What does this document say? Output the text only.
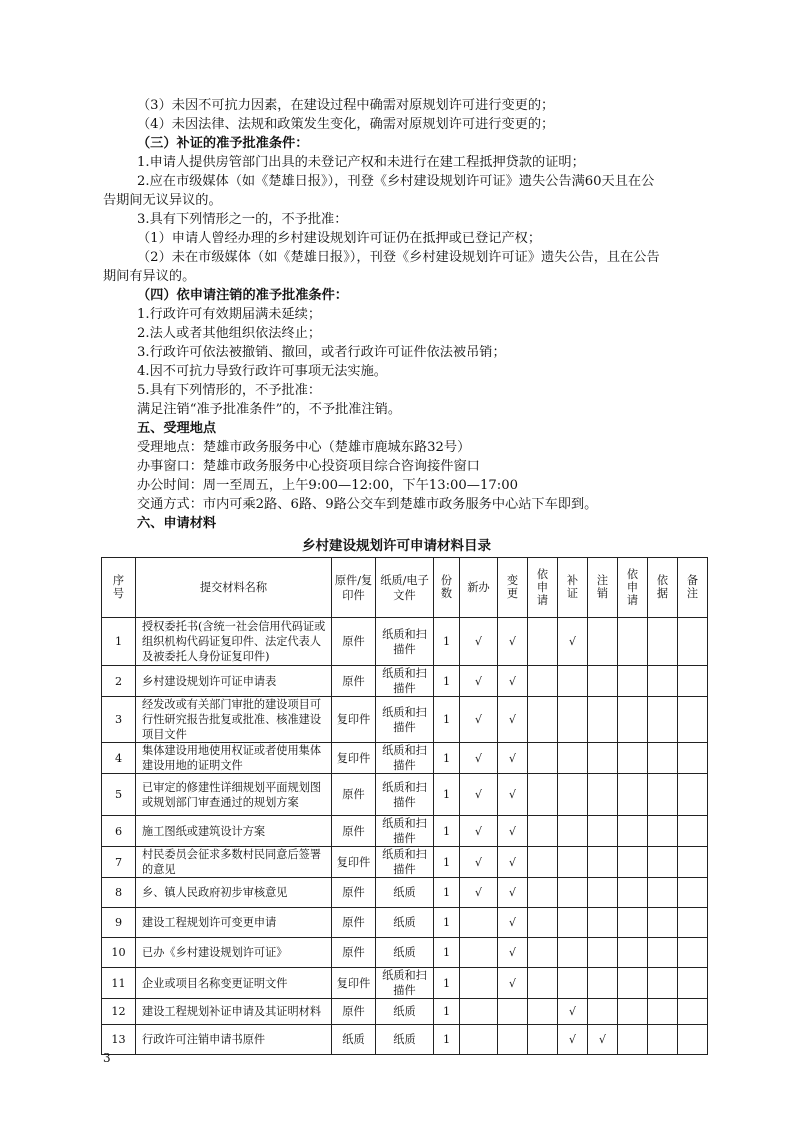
（3）未因不可抗力因素，在建设过程中确需对原规划许可进行变更的；
（4）未因法律、法规和政策发生变化，确需对原规划许可进行变更的；
（三）补证的准予批准条件：
1.申请人提供房管部门出具的未登记产权和未进行在建工程抵押贷款的证明；
2.应在市级媒体（如《楚雄日报》），刊登《乡村建设规划许可证》遗失公告满60天且在公
告期间无议异议的。
3.具有下列情形之一的，不予批准：
（1）申请人曾经办理的乡村建设规划许可证仍在抵押或已登记产权；
（2）未在市级媒体（如《楚雄日报》），刊登《乡村建设规划许可证》遗失公告，且在公告
期间有异议的。
（四）依申请注销的准予批准条件：
1.行政许可有效期届满未延续；
2.法人或者其他组织依法终止；
3.行政许可依法被撤销、撤回，或者行政许可证件依法被吊销；
4.因不可抗力导致行政许可事项无法实施。
5.具有下列情形的，不予批准：
满足注销“准予批准条件”的，不予批准注销。
五、受理地点
受理地点：楚雄市政务服务中心（楚雄市鹿城东路32号）
办事窗口：楚雄市政务服务中心投资项目综合咨询接件窗口
办公时间：周一至周五，上午9:00—12:00，下午13:00—17:00
交通方式：市内可乘2路、6路、9路公交车到楚雄市政务服务中心站下车即到。
六、申请材料
乡村建设规划许可申请材料目录
序号	提交材料名称	原件/复印件	纸质/电子文件	份数	新办	变更	依申请	补证	注销	依申请	依据	备注
1	授权委托书(含统一社会信用代码证或组织机构代码证复印件、法定代表人及被委托人身份证复印件)	原件	纸质和扫描件	1	√	√		√				
2	乡村建设规划许可证申请表	原件	纸质和扫描件	1	√	√						
3	经发改或有关部门审批的建设项目可行性研究报告批复或批准、核准建设项目文件	复印件	纸质和扫描件	1	√	√						
4	集体建设用地使用权证或者使用集体建设用地的证明文件	复印件	纸质和扫描件	1	√	√						
5	已审定的修建性详细规划平面规划图或规划部门审查通过的规划方案	原件	纸质和扫描件	1	√	√						
6	施工图纸或建筑设计方案	原件	纸质和扫描件	1	√	√						
7	村民委员会征求多数村民同意后签署的意见	复印件	纸质和扫描件	1	√	√						
8	乡、镇人民政府初步审核意见	原件	纸质	1	√	√						
9	建设工程规划许可变更申请	原件	纸质	1		√						
10	已办《乡村建设规划许可证》	原件	纸质	1		√						
11	企业或项目名称变更证明文件	复印件	纸质和扫描件	1		√						
12	建设工程规划补证申请及其证明材料	原件	纸质	1				√				
13	行政许可注销申请书原件	纸质	纸质	1				√	√			
3
